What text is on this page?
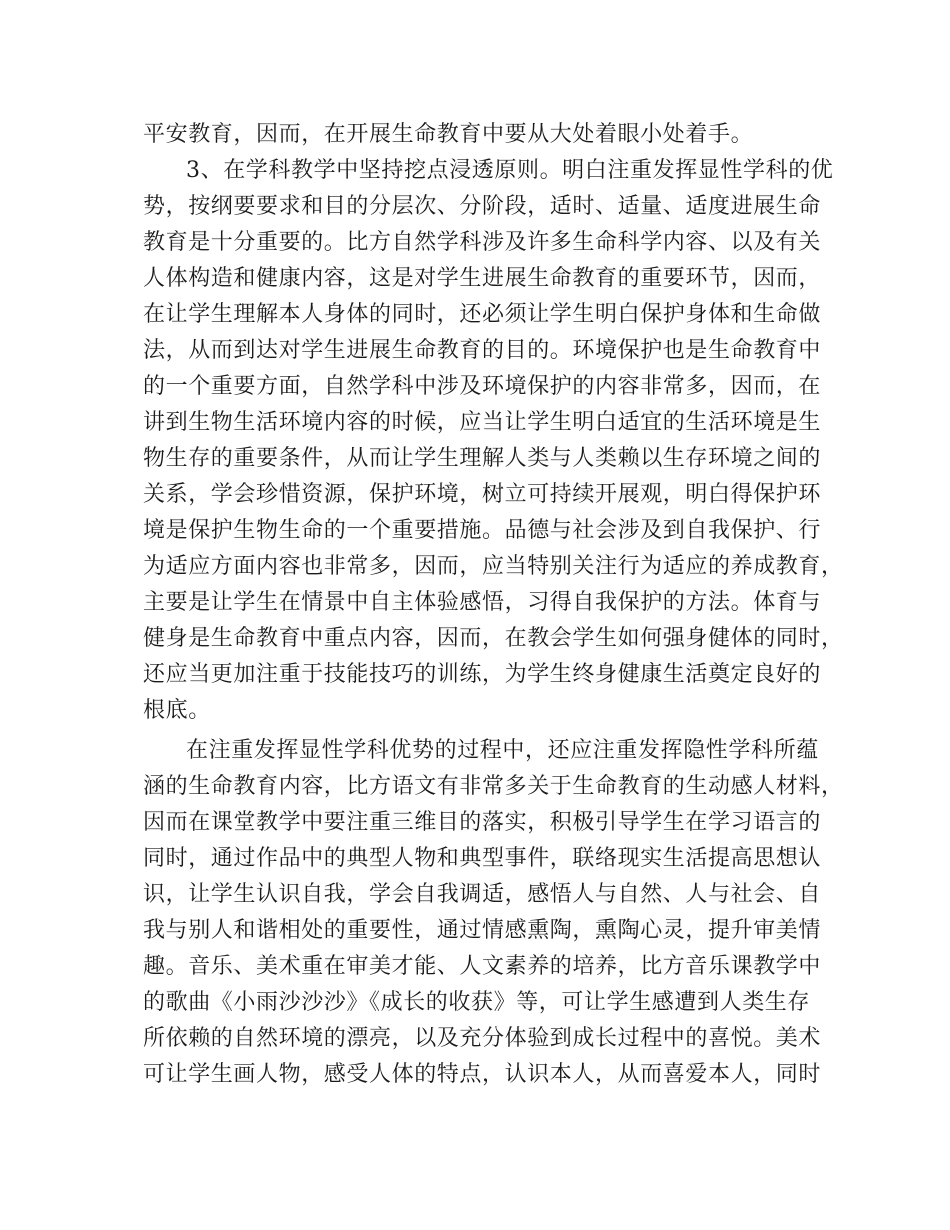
平安教育，因而，在开展生命教育中要从大处着眼小处着手。

3、在学科教学中坚持挖点浸透原则。明白注重发挥显性学科的优

势，按纲要要求和目的分层次、分阶段，适时、适量、适度进展生命

教育是十分重要的。比方自然学科涉及许多生命科学内容、以及有关

人体构造和健康内容，这是对学生进展生命教育的重要环节，因而，

在让学生理解本人身体的同时，还必须让学生明白保护身体和生命做

法，从而到达对学生进展生命教育的目的。环境保护也是生命教育中

的一个重要方面，自然学科中涉及环境保护的内容非常多，因而，在

讲到生物生活环境内容的时候，应当让学生明白适宜的生活环境是生

物生存的重要条件，从而让学生理解人类与人类赖以生存环境之间的

关系，学会珍惜资源，保护环境，树立可持续开展观，明白得保护环

境是保护生物生命的一个重要措施。品德与社会涉及到自我保护、行

为适应方面内容也非常多，因而，应当特别关注行为适应的养成教育，

主要是让学生在情景中自主体验感悟，习得自我保护的方法。体育与

健身是生命教育中重点内容，因而，在教会学生如何强身健体的同时，

还应当更加注重于技能技巧的训练，为学生终身健康生活奠定良好的

根底。

在注重发挥显性学科优势的过程中，还应注重发挥隐性学科所蕴

涵的生命教育内容，比方语文有非常多关于生命教育的生动感人材料，

因而在课堂教学中要注重三维目的落实，积极引导学生在学习语言的

同时，通过作品中的典型人物和典型事件，联络现实生活提高思想认

识，让学生认识自我，学会自我调适，感悟人与自然、人与社会、自

我与别人和谐相处的重要性，通过情感熏陶，熏陶心灵，提升审美情

趣。音乐、美术重在审美才能、人文素养的培养，比方音乐课教学中

的歌曲《小雨沙沙沙》《成长的收获》等，可让学生感遭到人类生存

所依赖的自然环境的漂亮，以及充分体验到成长过程中的喜悦。美术

可让学生画人物，感受人体的特点，认识本人，从而喜爱本人，同时
